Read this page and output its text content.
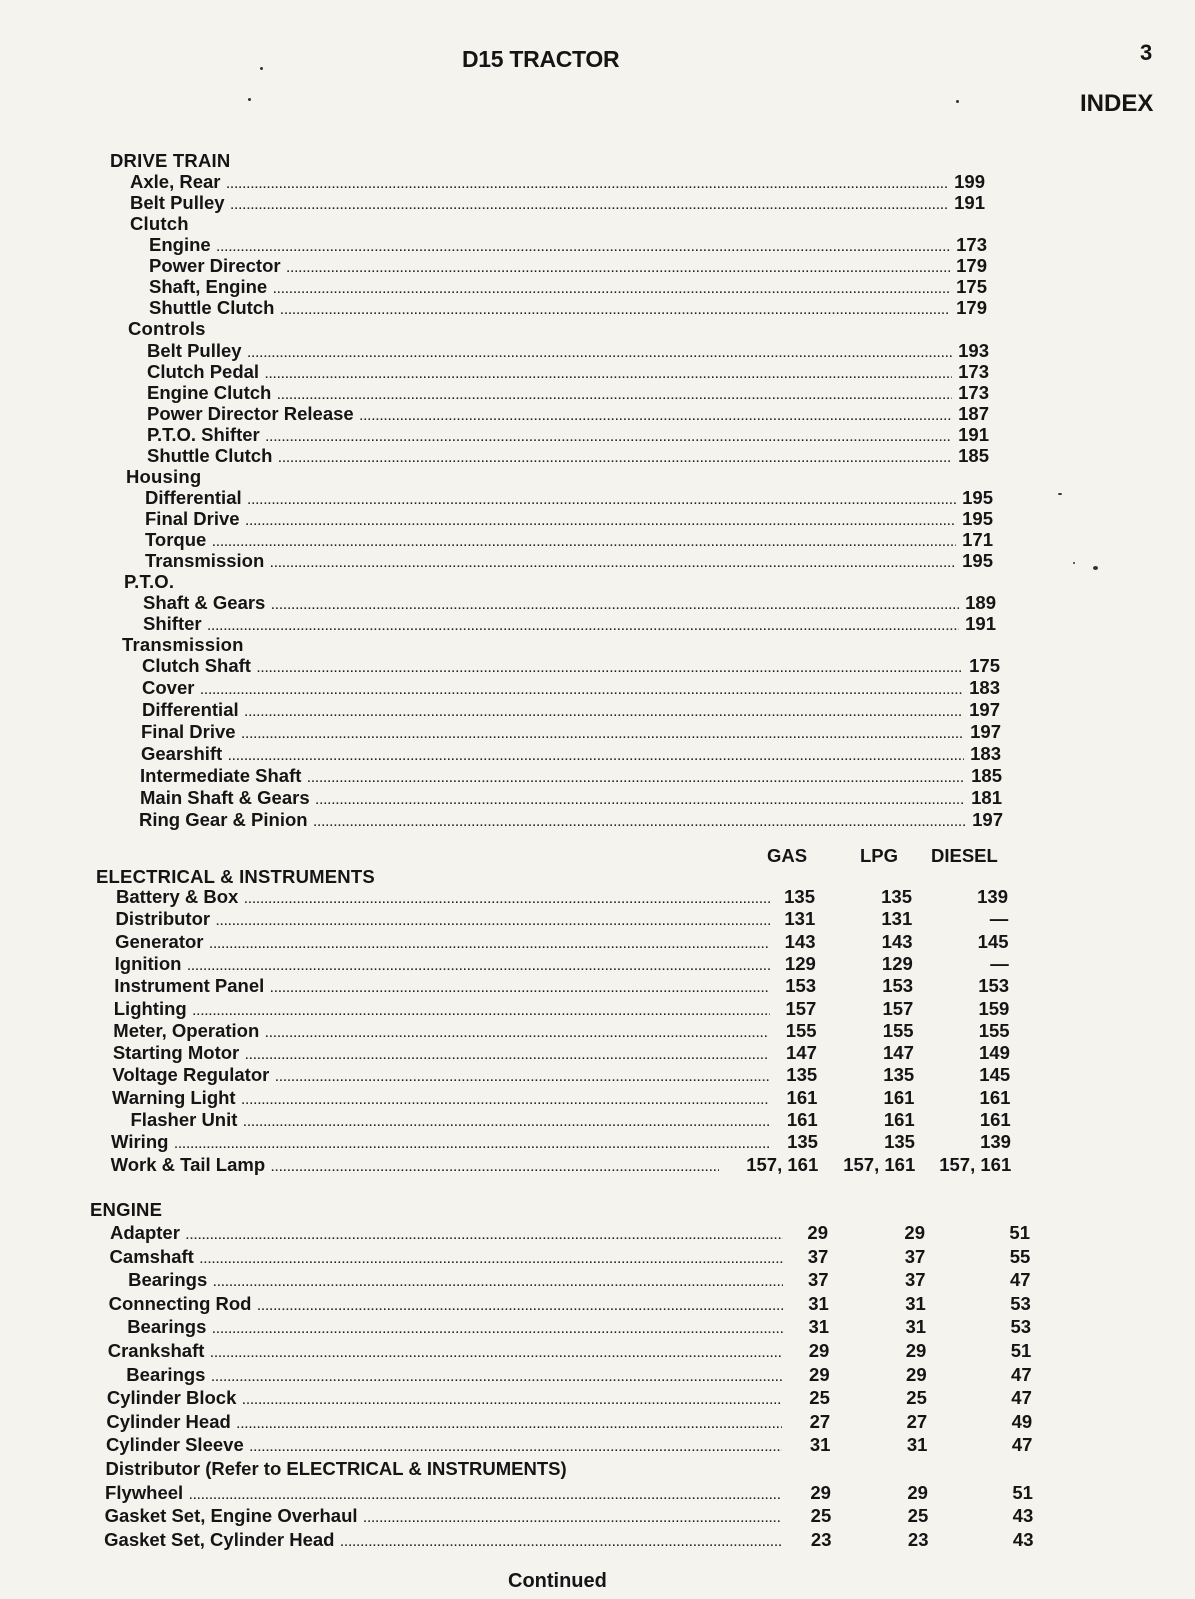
D15 TRACTOR	3
INDEX
DRIVE TRAIN
Axle, Rear .....	199
Belt Pulley .....	191
Clutch
Engine .....	173
Power Director .....	179
Shaft, Engine .....	175
Shuttle Clutch .....	179
Controls
Belt Pulley .....	193
Clutch Pedal .....	173
Engine Clutch .....	173
Power Director Release .....	187
P.T.O. Shifter .....	191
Shuttle Clutch .....	185
Housing
Differential .....	195
Final Drive .....	195
Torque .....	171
Transmission .....	195
P.T.O.
Shaft & Gears .....	189
Shifter .....	191
Transmission
Clutch Shaft .....	175
Cover .....	183
Differential .....	197
Final Drive .....	197
Gearshift .....	183
Intermediate Shaft .....	185
Main Shaft & Gears .....	181
Ring Gear & Pinion .....	197
GAS	LPG DIESEL
ELECTRICAL & INSTRUMENTS
Battery & Box .....	135	135	139
Distributor .....	131	131	—
Generator .....	143	143	145
Ignition .....	129	129	—
Instrument Panel .....	153	153	153
Lighting .....	157	157	159
Meter, Operation .....	155	155	155
Starting Motor .....	147	147	149
Voltage Regulator .....	135	135	145
Warning Light .....	161	161	161
Flasher Unit .....	161	161	161
Wiring .....	135	135	139
Work & Tail Lamp .....	157, 161	157, 161	157, 161
ENGINE
Adapter .....	29	29	51
Camshaft .....	37	37	55
Bearings .....	37	37	47
Connecting Rod .....	31	31	53
Bearings .....	31	31	53
Crankshaft .....	29	29	51
Bearings .....	29	29	47
Cylinder Block .....	25	25	47
Cylinder Head .....	27	27	49
Cylinder Sleeve .....	31	31	47
Distributor (Refer to ELECTRICAL & INSTRUMENTS)
Flywheel .....	29	29	51
Gasket Set, Engine Overhaul .....	25	25	43
Gasket Set, Cylinder Head .....	23	23	43
Continued
